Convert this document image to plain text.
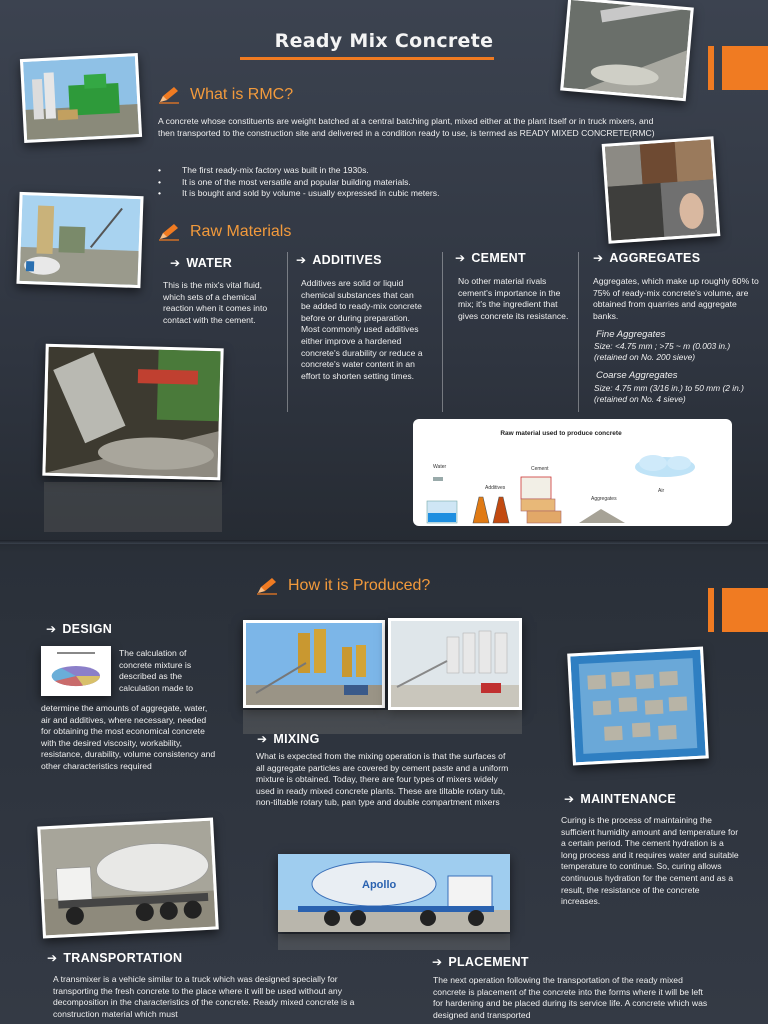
Ready Mix Concrete
What is RMC?
A concrete whose constituents are weight batched at a central batching plant, mixed either at the plant itself or in truck mixers, and then transported to the construction site and delivered in a condition ready to use, is termed as READY MIXED CONCRETE(RMC)
• The first ready-mix factory was built in the 1930s.
• It is one of the most versatile and popular building materials.
• It is bought and sold by volume - usually expressed in cubic meters.
Raw Materials
➔ WATER
This is the mix's vital fluid, which sets of a chemical reaction when it comes into contact with the cement.
➔ ADDITIVES
Additives are solid or liquid chemical substances that can be added to ready-mix concrete before or during preparation. Most commonly used additives either improve a hardened concrete's durability or reduce a concrete's water content in an effort to shorten setting times.
➔ CEMENT
No other material rivals cement's importance in the mix; it's the ingredient that gives concrete its resistance.
➔ AGGREGATES
Aggregates, which make up roughly 60% to 75% of ready-mix concrete's volume, are obtained from quarries and aggregate banks.
Fine Aggregates
Size: <4.75 mm ; >75 ~ m (0.003 in.) (retained on No. 200 sieve)
Coarse Aggregates
Size: 4.75 mm (3/16 in.) to 50 mm (2 in.) (retained on No. 4 sieve)
Raw material used to produce concrete
Water
Additives
Cement
Aggregates
Air
How it is Produced?
➔ DESIGN
The calculation of concrete mixture is described as the calculation made to
determine the amounts of aggregate, water, air and additives, where necessary, needed for obtaining the most economical concrete with the desired viscosity, workability, resistance, durability, volume consistency and other characteristics required
➔ MIXING
What is expected from the mixing operation is that the surfaces of all aggregate particles are covered by cement paste and a uniform mixture is obtained. Today, there are four types of mixers widely used in ready mixed concrete plants. These are tiltable rotary tub, non-tiltable rotary tub, pan type and double compartment mixers	➔ MAINTENANCE
Curing is the process of maintaining the sufficient humidity amount and temperature for a certain period. The cement hydration is a long process and it requires water and suitable temperature to continue. So, curing allows continuous hydration for the cement and as a result, the resistance of the concrete increases.
➔ TRANSPORTATION
A transmixer is a vehicle similar to a truck which was designed specially for transporting the fresh concrete to the place where it will be used without any decomposition in the characteristics of the concrete. Ready mixed concrete is a construction material which must
Apollo
➔ PLACEMENT
The next operation following the transportation of the ready mixed concrete is placement of the concrete into the forms where it will be left for hardening and be placed during its service life. A concrete which was designed and transported
